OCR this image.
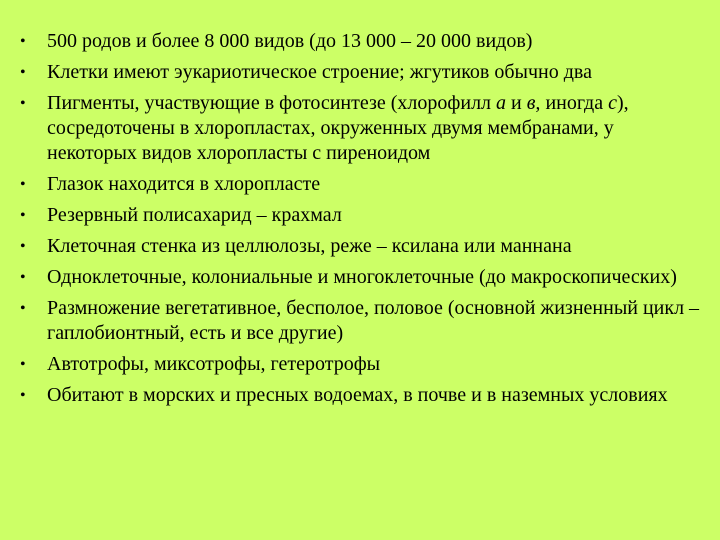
•	500 родов и более 8 000 видов (до 13 000 – 20 000 видов)
•	Клетки имеют эукариотическое строение; жгутиков обычно два
•	Пигменты, участвующие в фотосинтезе (хлорофилл a и в, иногда с), сосредоточены в хлоропластах, окруженных двумя мембранами, у некоторых видов хлоропласты с пиреноидом
•	Глазок находится в хлоропласте
•	Резервный полисахарид – крахмал
•	Клеточная стенка из целлюлозы, реже – ксилана или маннана
•	Одноклеточные, колониальные и многоклеточные (до макроскопических)
•	Размножение вегетативное, бесполое, половое (основной жизненный цикл – гаплобионтный, есть и все другие)
•	Автотрофы, миксотрофы, гетеротрофы
•	Обитают в морских и пресных водоемах, в почве и в наземных условиях
